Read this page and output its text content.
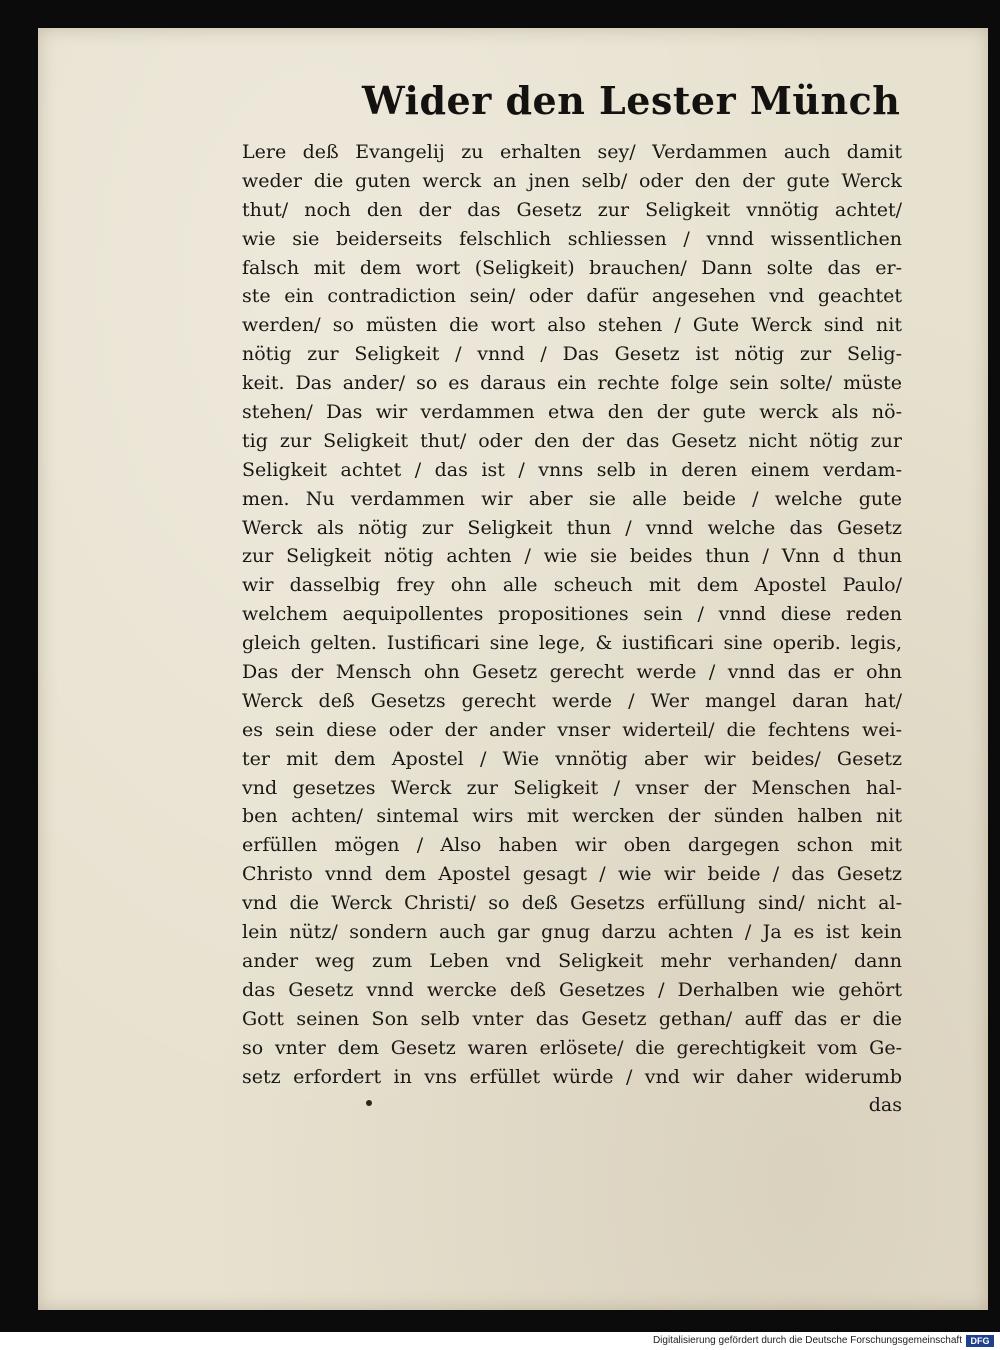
Wider den Lester Münch
Lere deß Evangelij zu erhalten sey/ Verdammen auch damit
weder die guten werck an jnen selb/ oder den der gute Werck
thut/ noch den der das Gesetz zur Seligkeit vnnötig achtet/
wie sie beiderseits felschlich schliessen / vnnd wissentlichen
falsch mit dem wort (Seligkeit) brauchen/ Dann solte das er-
ste ein contradiction sein/ oder dafür angesehen vnd geachtet
werden/ so müsten die wort also stehen / Gute Werck sind nit
nötig zur Seligkeit / vnnd / Das Gesetz ist nötig zur Selig-
keit. Das ander/ so es daraus ein rechte folge sein solte/ müste
stehen/ Das wir verdammen etwa den der gute werck als nö-
tig zur Seligkeit thut/ oder den der das Gesetz nicht nötig zur
Seligkeit achtet / das ist / vnns selb in deren einem verdam-
men. Nu verdammen wir aber sie alle beide / welche gute
Werck als nötig zur Seligkeit thun / vnnd welche das Gesetz
zur Seligkeit nötig achten / wie sie beides thun / Vnn d thun
wir dasselbig frey ohn alle scheuch mit dem Apostel Paulo/
welchem aequipollentes propositiones sein / vnnd diese reden
gleich gelten. Iustificari sine lege, & iustificari sine operib. legis,
Das der Mensch ohn Gesetz gerecht werde / vnnd das er ohn
Werck deß Gesetzs gerecht werde / Wer mangel daran hat/
es sein diese oder der ander vnser widerteil/ die fechtens wei-
ter mit dem Apostel / Wie vnnötig aber wir beides/ Gesetz
vnd gesetzes Werck zur Seligkeit / vnser der Menschen hal-
ben achten/ sintemal wirs mit wercken der sünden halben nit
erfüllen mögen / Also haben wir oben dargegen schon mit
Christo vnnd dem Apostel gesagt / wie wir beide / das Gesetz
vnd die Werck Christi/ so deß Gesetzs erfüllung sind/ nicht al-
lein nütz/ sondern auch gar gnug darzu achten / Ja es ist kein
ander weg zum Leben vnd Seligkeit mehr verhanden/ dann
das Gesetz vnnd wercke deß Gesetzes / Derhalben wie gehört
Gott seinen Son selb vnter das Gesetz gethan/ auff das er die
so vnter dem Gesetz waren erlösete/ die gerechtigkeit vom Ge-
setz erfordert in vns erfüllet würde / vnd wir daher widerumb
das
Digitalisierung gefördert durch die Deutsche Forschungsgemeinschaft DFG
